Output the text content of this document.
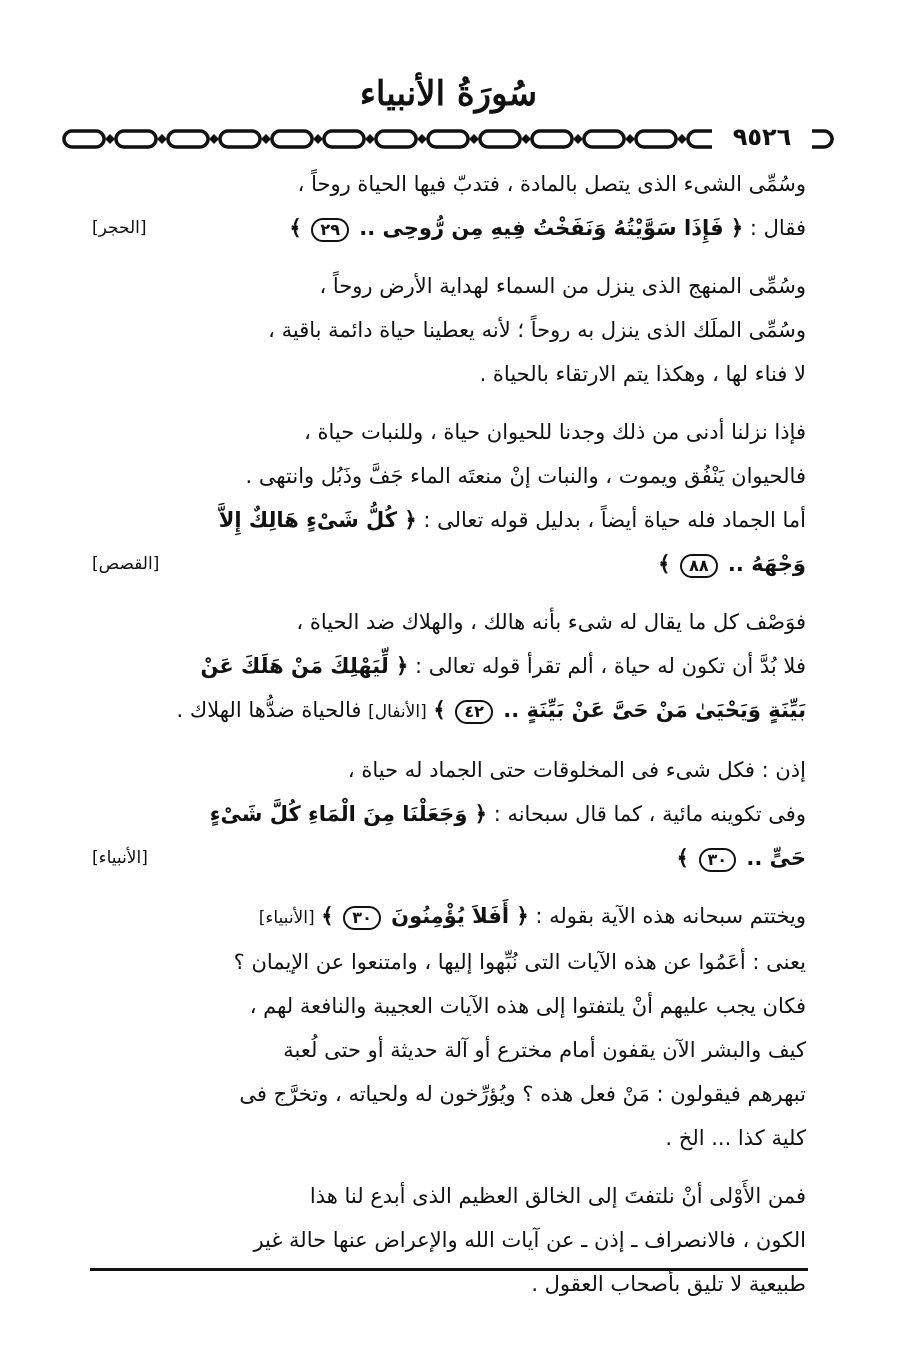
سُورَةُ الأنبياء
٩٥٢٦
وسُمِّى الشىء الذى يتصل بالمادة ، فتدبّ فيها الحياة روحاً ،
[الحجر]	فقال : ﴿ فَإِذَا سَوَّيْتُهُ وَنَفَخْتُ فِيهِ مِن رُّوحِى .. ٢٩ ﴾
وسُمِّى المنهج الذى ينزل من السماء لهداية الأرض روحاً ،
وسُمِّى الملَك الذى ينزل به روحاً ؛ لأنه يعطينا حياة دائمة باقية ،
لا فناء لها ، وهكذا يتم الارتقاء بالحياة .
فإذا نزلنا أدنى من ذلك وجدنا للحيوان حياة ، وللنبات حياة ،
فالحيوان يَنْفُق ويموت ، والنبات إنْ منعتَه الماء جَفَّ وذَبُل وانتهى .
أما الجماد فله حياة أيضاً ، بدليل قوله تعالى : ﴿ كُلُّ شَىْءٍ هَالِكٌ إِلاَّ
[القصص]	وَجْهَهُ .. ٨٨ ﴾
فوَصْف كل ما يقال له شىء بأنه هالك ، والهلاك ضد الحياة ،
فلا بُدَّ أن تكون له حياة ، ألم تقرأ قوله تعالى : ﴿ لِّيَهْلِكَ مَنْ هَلَكَ عَنْ
بَيِّنَةٍ وَيَحْيَىٰ مَنْ حَىَّ عَنْ بَيِّنَةٍ .. ٤٢ ﴾ [الأنفال] فالحياة ضدُّها الهلاك .
إذن : فكل شىء فى المخلوقات حتى الجماد له حياة ،
وفى تكوينه مائية ، كما قال سبحانه : ﴿ وَجَعَلْنَا مِنَ الْمَاءِ كُلَّ شَىْءٍ
[الأنبياء]	حَىٍّ .. ٣٠ ﴾
ويختتم سبحانه هذه الآية بقوله : ﴿ أَفَلاَ يُؤْمِنُونَ ٣٠ ﴾ [الأنبياء]
يعنى : أعَمُوا عن هذه الآيات التى نُبِّهوا إليها ، وامتنعوا عن الإيمان ؟
فكان يجب عليهم أنْ يلتفتوا إلى هذه الآيات العجيبة والنافعة لهم ،
كيف والبشر الآن يقفون أمام مخترع أو آلة حديثة أو حتى لُعبة
تبهرهم فيقولون : مَنْ فعل هذه ؟ ويُؤرِّخون له ولحياته ، وتخرَّج فى
كلية كذا ... الخ .
فمن الأَوْلى أنْ نلتفتَ إلى الخالق العظيم الذى أبدع لنا هذا
الكون ، فالانصراف ـ إذن ـ عن آيات الله والإعراض عنها حالة غير
طبيعية لا تليق بأصحاب العقول .
